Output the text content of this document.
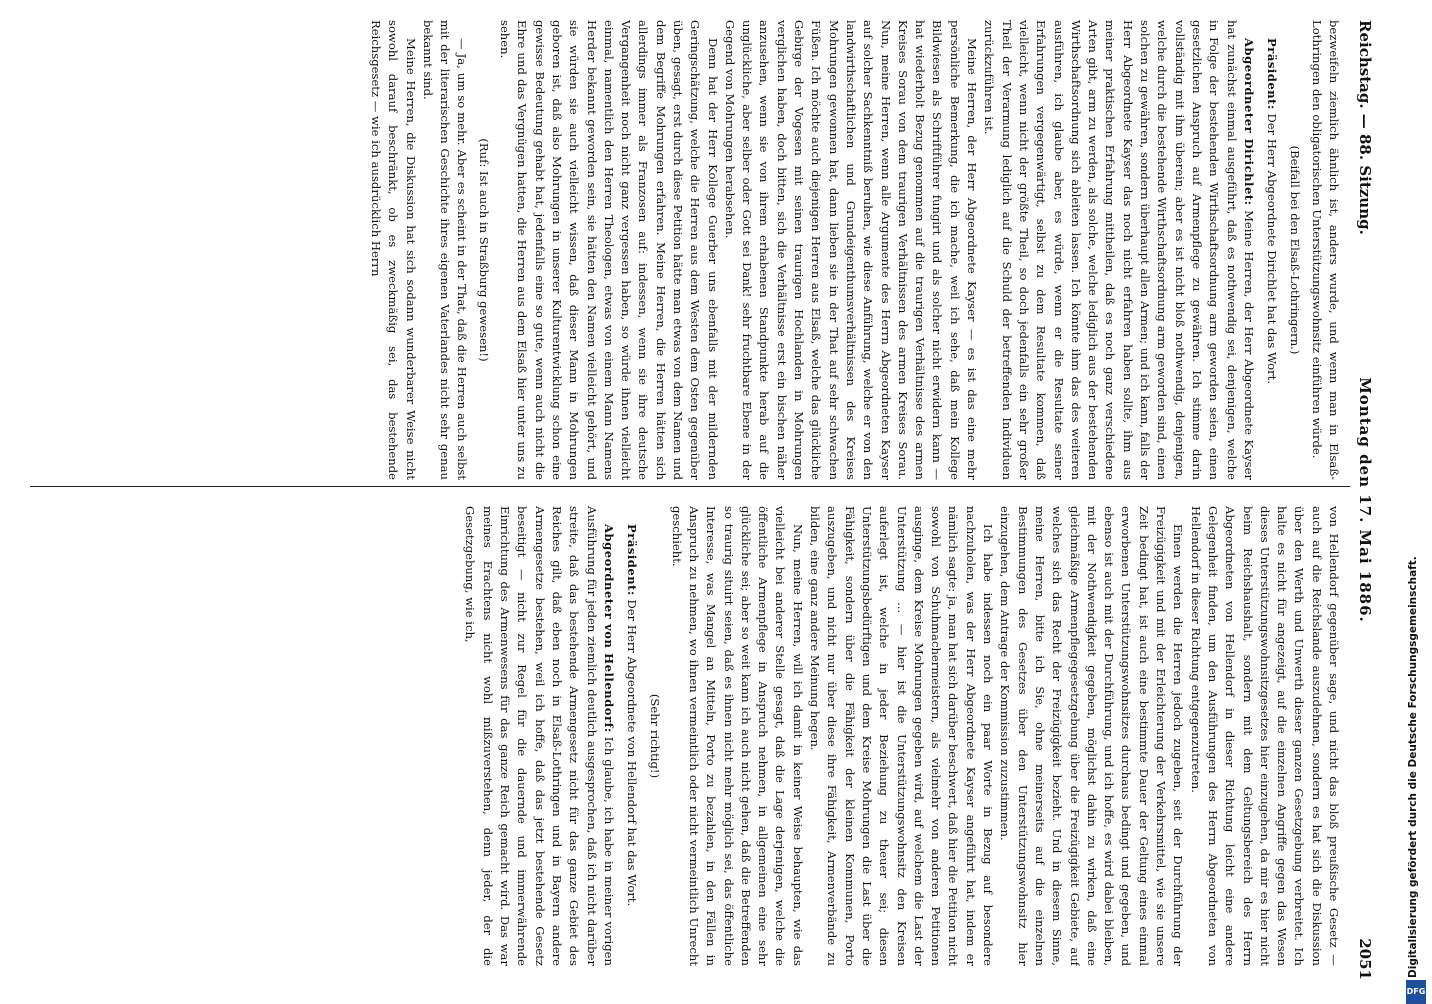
Reichstag. — 88. Sitzung.
Montag den 17. Mai 1886.
2051

bezweifeln ziemlich ähnlich ist, anders wurde, und wenn man in Elsaß-Lothringen den obligatorischen Unterstützungswohnsitz einführen würde.

(Beifall bei den Elsaß-Lothringern.)

Präsident: Der Herr Abgeordnete Dirichlet hat das Wort.

Abgeordneter Dirichlet: Meine Herren, der Herr Abgeordnete Kayser hat zunächst einmal ausgeführt, daß es nothwendig sei, denjenigen, welche in Folge der bestehenden Wirthschaftsordnung arm geworden seien, einen gesetzlichen Anspruch auf Armenpflege zu gewähren. Ich stimme darin vollständig mit ihm überein; aber es ist nicht bloß nothwendig, denjenigen, welche durch die bestehende Wirthschaftsordnung arm geworden sind, einen solchen zu gewähren, sondern überhaupt allen Armen; und ich kann, falls der Herr Abgeordnete Kayser das noch nicht erfahren haben sollte, ihm aus meiner praktischen Erfahrung mittheilen, daß es noch ganz verschiedene Arten gibt, arm zu werden, als solche, welche lediglich aus der bestehenden Wirthschaftsordnung sich ableiten lassen. Ich könnte ihm das des weiteren ausführen, ich glaube aber, es würde, wenn er die Resultate seiner Erfahrungen vergegenwärtigt, selbst zu dem Resultate kommen, daß vielleicht, wenn nicht der größte Theil, so doch jedenfalls ein sehr großer Theil der Verarmung lediglich auf die Schuld der betreffenden Individuen zurückzuführen ist.

Meine Herren, der Herr Abgeordnete Kayser — es ist das eine mehr persönliche Bemerkung, die ich mache, weil ich sehe, daß mein Kollege Bildwiesen als Schriftführer fungirt und als solcher nicht erwidern kann — hat wiederholt Bezug genommen auf die traurigen Verhältnisse des armen Kreises Sorau von dem traurigen Verhältnissen des armen Kreises Sorau. Nun, meine Herren, wenn alle Argumente des Herrn Abgeordneten Kayser auf solcher Sachkenntniß beruhen, wie diese Anführung, welche er von den landwirthschaftlichen und Grundeigenthumsverhältnissen des Kreises Mohrungen gewonnen hat, dann lieben sie in der That auf sehr schwachen Füßen. Ich möchte auch diejenigen Herren aus Elsaß, welche das glückliche Gebirge der Vogesen mit seinen traurigen Hochlanden in Mohrungen verglichen haben, doch bitten, sich die Verhältnisse erst ein bischen näher anzusehen, wenn sie von ihrem erhabenen Standpunkte herab auf die unglückliche, aber selber oder Gott sei Dank! sehr fruchtbare Ebene in der Gegend von Mohrungen herabsehen.

Denn hat der Herr Kollege Guerber uns ebenfalls mit der mildernden Geringschätzung, welche die Herren aus dem Westen dem Osten gegenüber üben, gesagt, erst durch diese Petition hätte man etwas von dem Namen und dem Begriffe Mohrungen erfahren. Meine Herren, die Herren hätten sich allerdings immer als Franzosen auf: indessen, wenn sie ihre deutsche Vergangenheit noch nicht ganz vergessen haben, so würde ihnen vielleicht einmal, namentlich den Herren Theologen, etwas von einem Mann Namens Herder bekannt geworden sein, sie hätten den Namen vielleicht gehört, und sie würden sie auch vielleicht wissen, daß dieser Mann in Mohrungen geboren ist, daß also Mohrungen in unserer Kulturentwicklung schon eine gewisse Bedeutung gehabt hat, jedenfalls eine so gute, wenn auch nicht die Ehre und das Vergnügen hatten, die Herren aus dem Elsaß hier unter uns zu sehen.

(Ruf: Ist auch in Straßburg gewesen!)

— Ja, um so mehr. Aber es scheint in der That, daß die Herren auch selbst mit der literarischen Geschichte ihres eigenen Vaterlandes nicht sehr genau bekannt sind.

Meine Herren, die Diskussion hat sich sodann wunderbarer Weise nicht sowohl darauf beschränkt, ob es zweckmäßig sei, das bestehende Reichsgesetz — wie ich ausdrücklich Herrn

von Hellendorf gegenüber sage, und nicht das bloß preußische Gesetz — auch auf die Reichslande auszudehnen, sondern es hat sich die Diskussion über den Werth und Unwerth dieser ganzen Gesetzgebung verbreitet. Ich halte es nicht für angezeigt, auf die einzelnen Angriffe gegen das Wesen dieses Unterstützungswohnsitzgesetzes hier einzugehen, da mir es hier nicht beim Reichshaushalt, sondern mit dem Geltungsbereich des Herrn Abgeordneten von Hellendorf in dieser Richtung leicht eine andere Gelegenheit finden, um den Ausführungen des Herrn Abgeordneten von Hellendorf in dieser Richtung entgegenzutreten.

Einen werden die Herren jedoch zugeben, seit der Durchführung der Freizügigkeit und mit der Erleichterung der Verkehrsmittel, wie sie unsere Zeit bedingt hat, ist auch eine bestimmte Dauer der Geltung eines einmal erworbenen Unterstützungswohnsitzes durchaus bedingt und gegeben, und ebenso ist auch mit der Durchführung, und ich hoffe, es wird dabei bleiben, mit der Nothwendigkeit gegeben, möglichst dahin zu wirken, daß eine gleichmäßige Armenpflegegesetzgebung über die Freizügigkeit Gebiete, auf welches sich das Recht der Freizügigkeit bezieht. Und in diesem Sinne, meine Herren, bitte ich Sie, ohne meinerseits auf die einzelnen Bestimmungen des Gesetzes über den Unterstützungswohnsitz hier einzugehen, dem Antrage der Kommission zuzustimmen.

Ich habe indessen noch ein paar Worte in Bezug auf besondere nachzuholen, was der Herr Abgeordnete Kayser angeführt hat, indem er nämlich sagte: ja, man hat sich darüber beschwert, daß hier die Petition nicht sowohl von Schuhmachermeistern, als vielmehr von anderen Petitionen ausginge, dem Kreise Mohrungen gegeben wird, auf welchem die Last der Unterstützung ... — hier ist die Unterstützungswohnsitz den Kreisen auferlegt ist, welche in jeder Beziehung zu theuer sei; diesen Unterstützungsbedürftigen und dem Kreise Mohrungen die Last über die Fähigkeit, sondern über die Fähigkeit der kleinen Kommunen, Porto auszugeben, und nicht nur über diese ihre Fähigkeit, Armenverbände zu bilden, eine ganz andere Meinung hegen.

Nun, meine Herren, will ich damit in keiner Weise behaupten, wie das vielleicht bei anderer Stelle gesagt, daß die Lage derjenigen, welche die öffentliche Armenpflege in Anspruch nehmen, in allgemeinen eine sehr glückliche sei; aber so weit kann ich auch nicht gehen, daß die Betreffenden so traurig situirt seien, daß es ihnen nicht mehr möglich sei, das öffentliche Interesse, was Mangel an Mitteln, Porto zu bezahlen, in den Fällen in Anspruch zu nehmen, wo ihnen vermeintlich oder nicht vermeintlich Unrecht geschieht.

(Sehr richtig!)

Präsident: Der Herr Abgeordnete von Hellendorf hat das Wort.

Abgeordneter von Hellendorf: Ich glaube, ich habe in meiner vorigen Ausführung für jeden ziemlich deutlich ausgesprochen, daß ich nicht darüber streite, daß das bestehende Armengesetz nicht für das ganze Gebiet des Reiches gilt, daß eben noch in Elsaß-Lothringen und in Bayern andere Armengesetze bestehen, weil ich hoffe, daß das jetzt bestehende Gesetz beseitigt — nicht zur Regel für die dauernde und immerwährende Einrichtung des Armenwesens für das ganze Reich gemacht wird. Das war meines Erachtens nicht wohl mißzuverstehen, denn jeder, der die Gesetzgebung, wie ich,	Digitalisierung gefördert durch die Deutsche Forschungsgemeinschaft.
DFG
